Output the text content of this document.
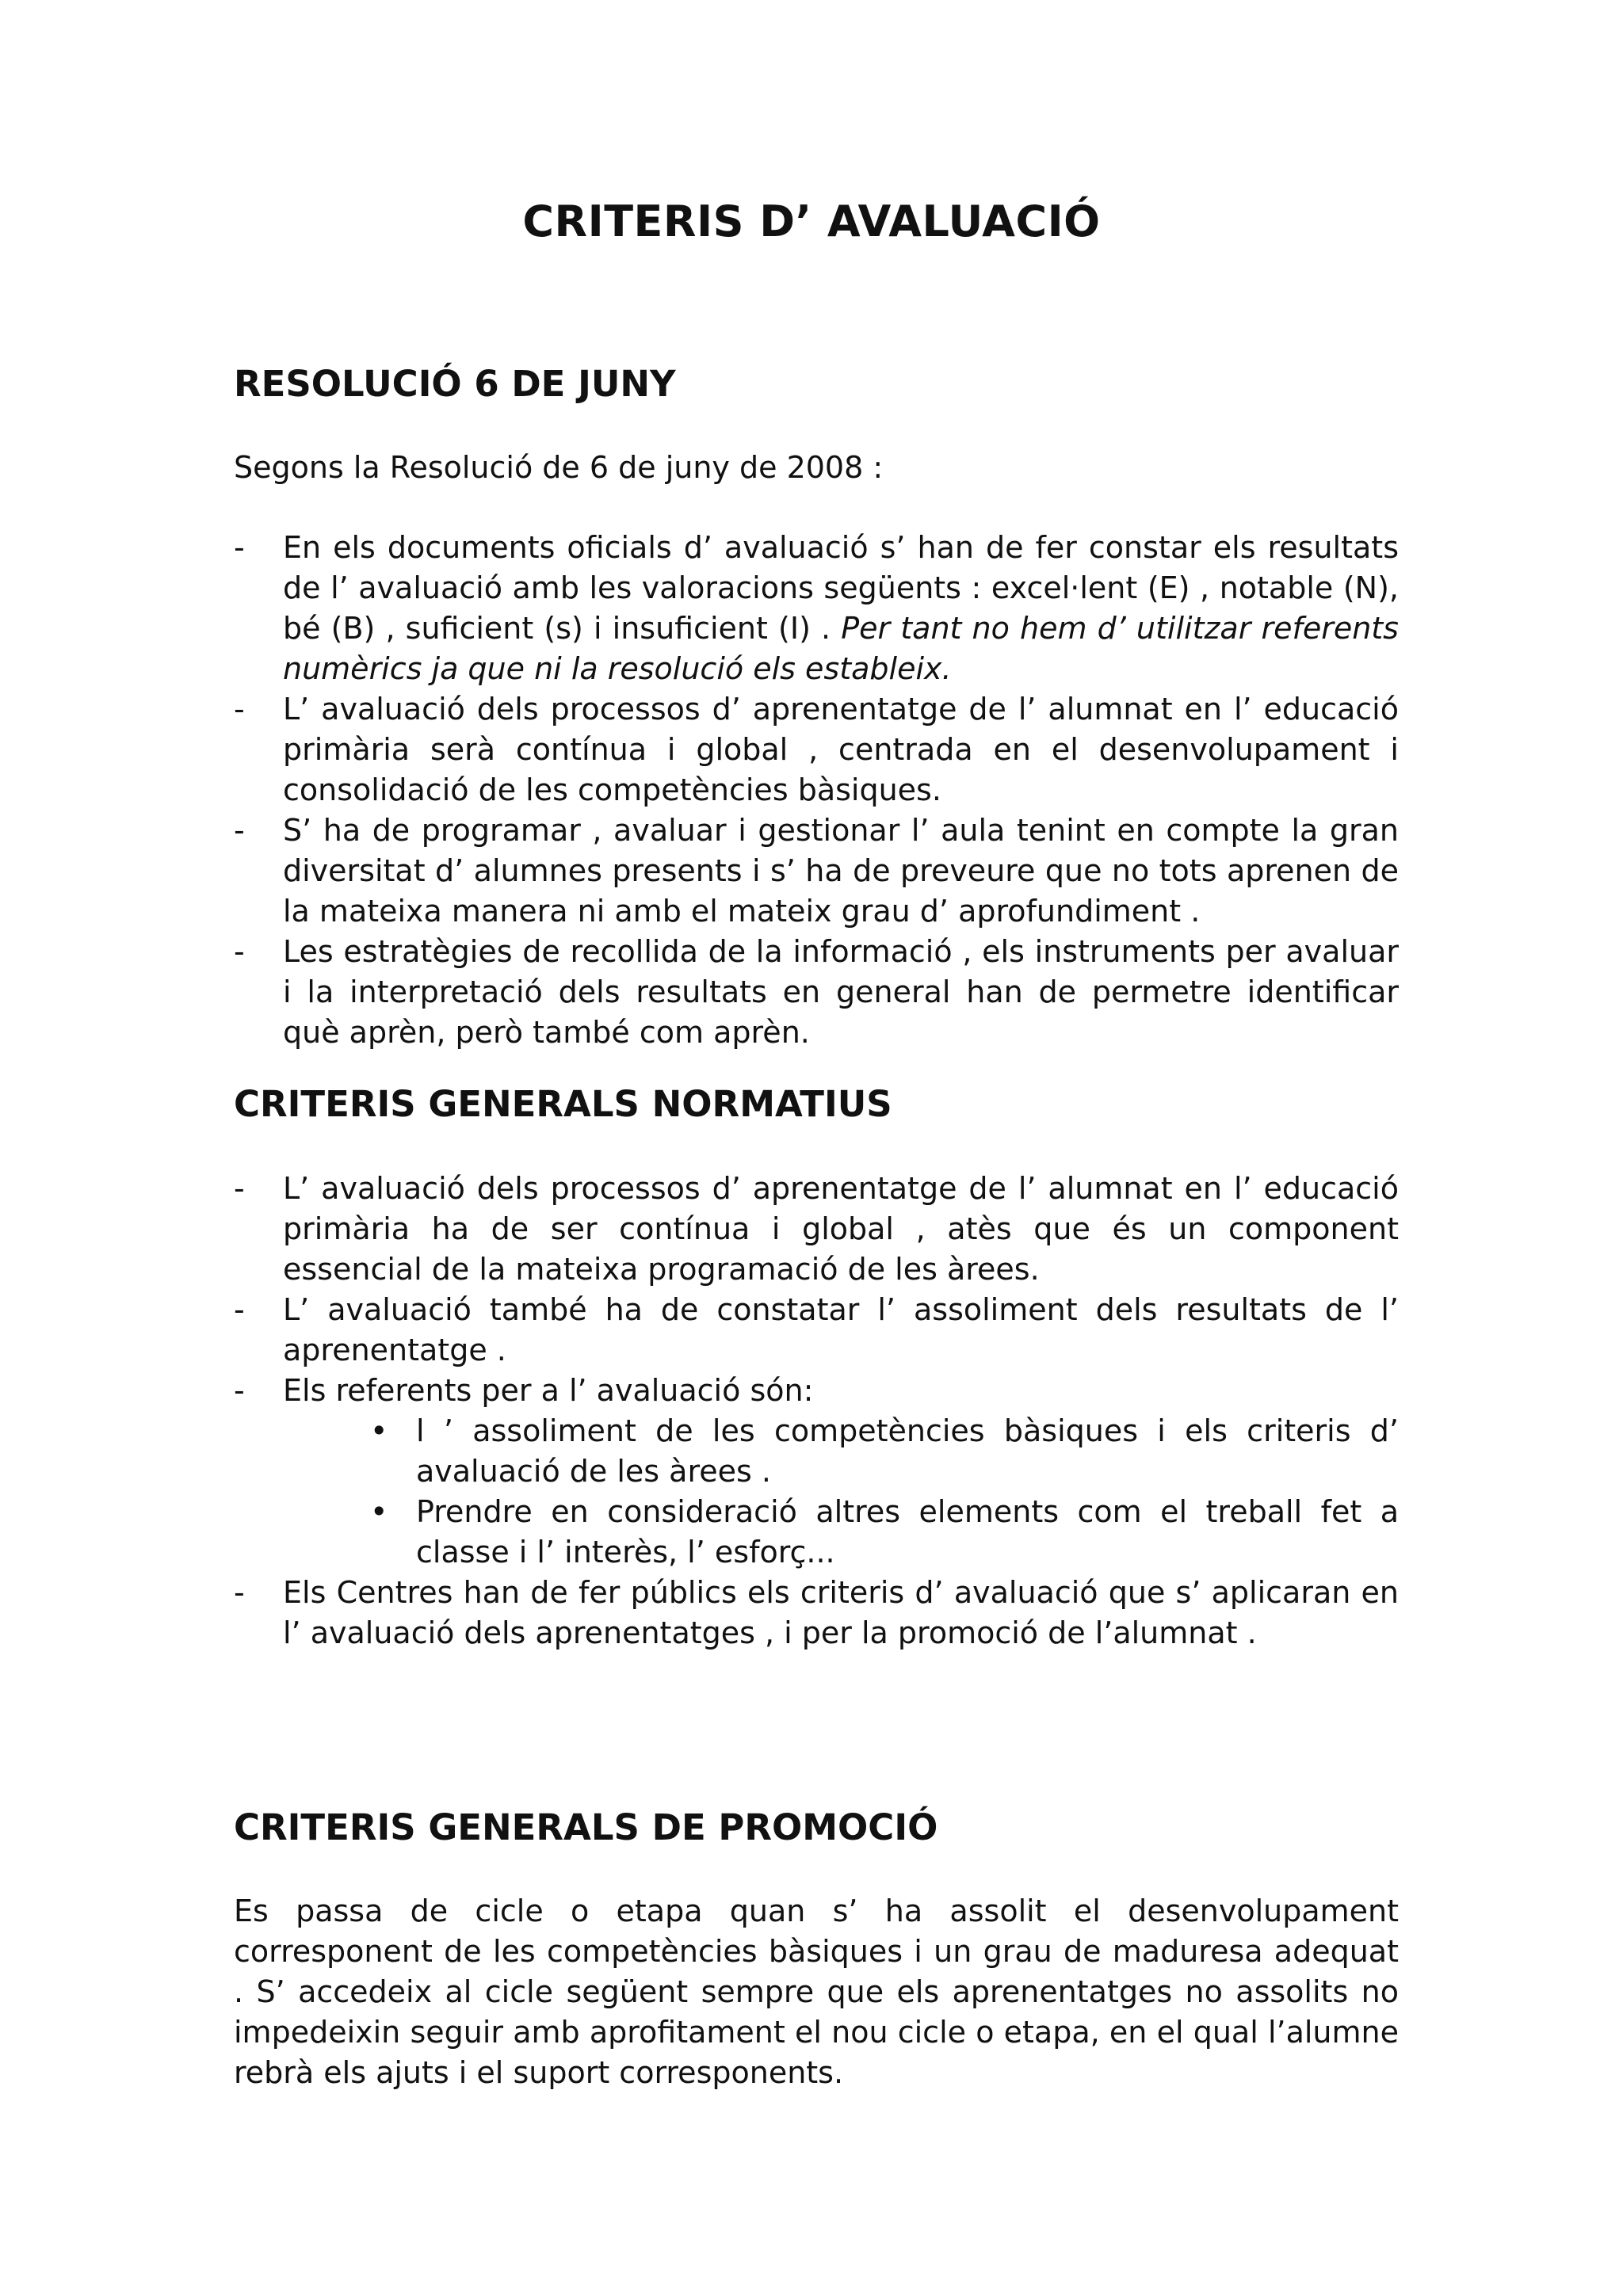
CRITERIS D’ AVALUACIÓ
RESOLUCIÓ 6 DE JUNY

Segons la Resolució de 6 de juny de 2008 :

-	En els documents oficials d’ avaluació s’ han de fer constar els resultats de l’ avaluació amb les valoracions següents : excel·lent (E) , notable (N), bé (B) , suficient (s) i insuficient (I) . Per tant no hem d’ utilitzar referents numèrics ja que ni la resolució els estableix.
-	L’ avaluació dels processos d’ aprenentatge de l’ alumnat en l’ educació primària serà contínua i global , centrada en el desenvolupament i consolidació de les competències bàsiques.
-	S’ ha de programar , avaluar i gestionar l’ aula tenint en compte la gran diversitat d’ alumnes presents i s’ ha de preveure que no tots aprenen de la mateixa manera ni amb el mateix grau d’ aprofundiment .
-	Les estratègies de recollida de la informació , els instruments per avaluar i la interpretació dels resultats en general han de permetre identificar què aprèn, però també com aprèn.
CRITERIS GENERALS NORMATIUS
-	L’ avaluació dels processos d’ aprenentatge de l’ alumnat en l’ educació primària ha de ser contínua i global , atès que és un component essencial de la mateixa programació de les àrees.
-	L’ avaluació també ha de constatar l’ assoliment dels resultats de l’ aprenentatge .
-	Els referents per a l’ avaluació són:
• l ’ assoliment de les competències bàsiques i els criteris d’ avaluació de les àrees .
• Prendre en consideració altres elements com el treball fet a classe i l’ interès, l’ esforç...
-	Els Centres han de fer públics els criteris d’ avaluació que s’ aplicaran en l’ avaluació dels aprenentatges , i per la promoció de l’alumnat .
CRITERIS GENERALS DE PROMOCIÓ

Es passa de cicle o etapa quan s’ ha assolit el desenvolupament corresponent de les competències bàsiques i un grau de maduresa adequat . S’ accedeix al cicle següent sempre que els aprenentatges no assolits no impedeixin seguir amb aprofitament el nou cicle o etapa, en el qual l’alumne rebrà els ajuts i el suport corresponents.
